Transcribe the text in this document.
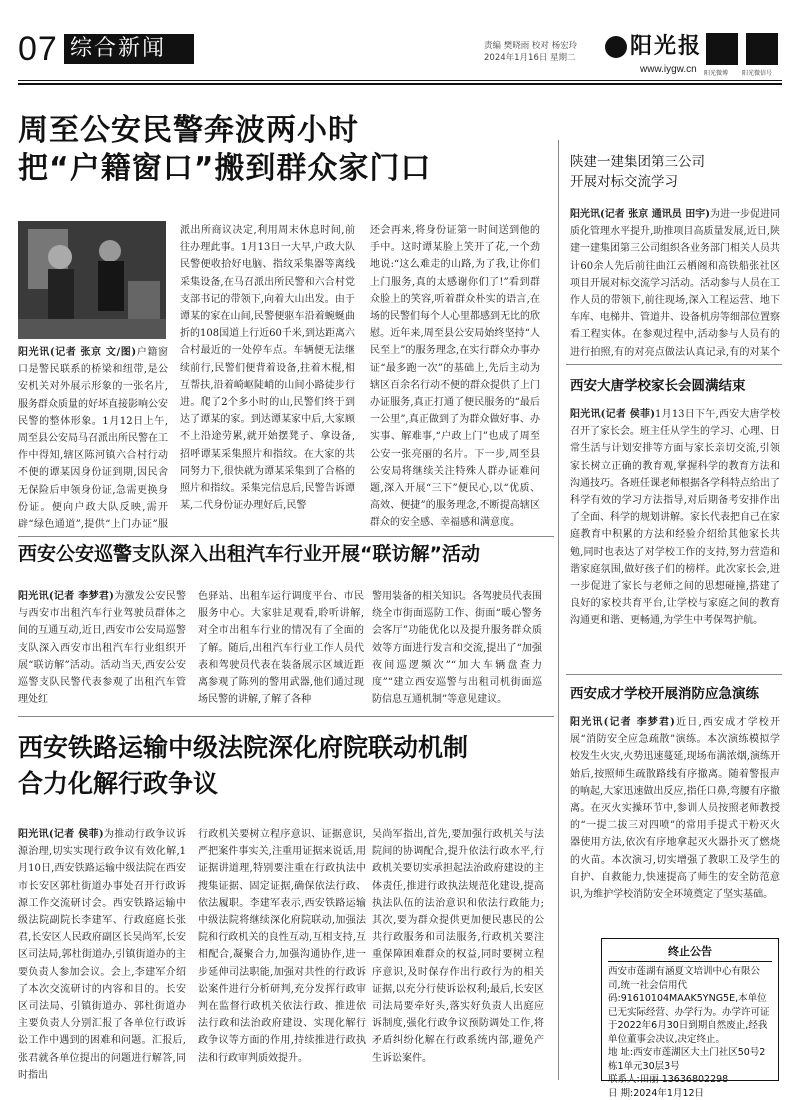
07 综合新闻	责编 樊晓雨 校对 杨宏玲
2024年1月16日 星期二 阳光报
www.iygw.cn 阳光微博 阳光微信号
周至公安民警奔波两小时
把“户籍窗口”搬到群众家门口
阳光讯(记者 张京 文/图)户籍窗口是警民联系的桥梁和纽带,是公安机关对外展示形象的一张名片,服务群众质量的好坏直接影响公安民警的整体形象。1月12日上午,周至县公安局马召派出所民警在工作中得知,辖区陈河镇六合村行动不便的谭某因身份证到期,因民舍无保险后申领身份证,急需更换身份证。便向户政大队反映,需开辟“绿色通道”,提供“上门办证”服
派出所商议决定,利用周末休息时间,前往办理此事。1月13日一大早,户政大队民警便收拾好电脑、指纹采集器等离线采集设备,在马召派出所民警和六合村党支部书记的带领下,向着大山出发。由于谭某的家在山间,民警便驱车沿着蜿蜒曲折的108国道上行近60千米,到达距离六合村最近的一处停车点。车辆便无法继续前行,民警们便背着设备,拄着木棍,相互帮扶,沿着崎岖陡峭的山间小路徒步行进。爬了2个多小时的山,民警们终于到达了谭某的家。到达谭某家中后,大家顾不上沿途劳累,就开始摆凳子、拿设备,招呼谭某采集照片和指纹。在大家的共同努力下,很快就为谭某采集到了合格的照片和指纹。采集完信息后,民警告诉谭某,二代身份证办理好后,民警
还会再来,将身份证第一时间送到他的手中。这时谭某脸上笑开了花,一个劲地说:“这么难走的山路,为了我,让你们上门服务,真的太感谢你们了!”看到群众脸上的笑容,听着群众朴实的语言,在场的民警们每个人心里都感到无比的欣慰。近年来,周至县公安局始终坚持“人民至上”的服务理念,在实行群众办事办证“最多跑一次”的基础上,先后主动为辖区百余名行动不便的群众提供了上门办证服务,真正打通了便民服务的“最后一公里”,真正做到了为群众做好事、办实事、解难事,“户政上门”也成了周至公安一张亮丽的名片。下一步,周至县公安局将继续关注特殊人群办证难问题,深入开展“三下”便民心,以“优质、高效、便捷”的服务理念,不断提高辖区群众的安全感、幸福感和满意度。
西安公安巡警支队深入出租汽车行业开展“联访解”活动
阳光讯(记者 李梦君)为激发公安民警与西安市出租汽车行业驾驶员群体之间的互通互动,近日,西安市公安局巡警支队深入西安市出租汽车行业组织开展“联访解”活动。活动当天,西安公安巡警支队民警代表参观了出租汽车管理处红
色驿站、出租车运行调度平台、市民服务中心。大家驻足观看,聆听讲解,对全市出租车行业的情况有了全面的了解。随后,出租汽车行业工作人员代表和驾驶员代表在装备展示区域近距离参观了陈列的警用武器,他们通过现场民警的讲解,了解了各种
警用装备的相关知识。各驾驶员代表围绕全市街面巡防工作、街面“暖心警务会客厅”功能优化以及提升服务群众质效等方面进行发言和交流,提出了“加强夜间巡逻频次”“加大车辆盘查力度”“建立西安巡警与出租司机街面巡防信息互通机制”等意见建议。
西安铁路运输中级法院深化府院联动机制
合力化解行政争议
阳光讯(记者 侯菲)为推动行政争议诉源治理,切实实现行政争议有效化解,1月10日,西安铁路运输中级法院在西安市长安区郭杜街道办事处召开行政诉源工作交流研讨会。西安铁路运输中级法院副院长李建军、行政庭庭长张君,长安区人民政府副区长吴尚军,长安区司法局,郭杜街道办,引镇街道办的主要负责人参加会议。会上,李建军介绍了本次交流研讨的内容和目的。长安区司法局、引镇街道办、郭杜街道办主要负责人分别汇报了各单位行政诉讼工作中遇到的困难和问题。汇报后,张君就各单位提出的问题进行解答,同时指出
行政机关要树立程序意识、证据意识,严把案件事实关,注重用证据来说话,用证据讲道理,特别要注重在行政执法中搜集证据、固定证据,确保依法行政、依法履职。李建军表示,西安铁路运输中级法院将继续深化府院联动,加强法院和行政机关的良性互动,互相支持,互相配合,凝聚合力,加强沟通协作,进一步延伸司法职能,加强对共性的行政诉讼案件进行分析研判,充分发挥行政审判在监督行政机关依法行政、推进依法行政和法治政府建设、实现化解行政争议等方面的作用,持续推进行政执法和行政审判质效提升。
吴尚军指出,首先,要加强行政机关与法院间的协调配合,提升依法行政水平,行政机关要切实承担起法治政府建设的主体责任,推进行政执法规范化建设,提高执法队伍的法治意识和依法行政能力;其次,要为群众提供更加便民惠民的公共行政服务和司法服务,行政机关要注重保障困难群众的权益,同时要树立程序意识,及时保存作出行政行为的相关证据,以充分行使诉讼权利;最后,长安区司法局要牵好头,落实好负责人出庭应诉制度,强化行政争议预防调处工作,将矛盾纠纷化解在行政系统内部,避免产生诉讼案件。
陕建一建集团第三公司
开展对标交流学习
阳光讯(记者 张京 通讯员 田宇)为进一步促进同质化管理水平提升,助推项目高质量发展,近日,陕建一建集团第三公司组织各业务部门相关人员共计60余人先后前往曲江云栖阁和高铁船张社区项目开展对标交流学习活动。活动参与人员在工作人员的带领下,前往现场,深入工程运营、地下车库、电梯井、管道井、设备机房等细部位置察看工程实体。在参观过程中,活动参与人员有的进行拍照,有的对亮点做法认真记录,有的对某个
西安大唐学校家长会圆满结束
阳光讯(记者 侯菲)1月13日下午,西安大唐学校召开了家长会。班主任从学生的学习、心理、日常生活与计划安排等方面与家长亲切交流,引领家长树立正确的教育观,掌握科学的教育方法和沟通技巧。各班任课老师根据各学科特点给出了科学有效的学习方法指导,对后期备考安排作出了全面、科学的规划讲解。家长代表把自己在家庭教育中积累的方法和经验介绍给其他家长共勉,同时也表达了对学校工作的支持,努力营造和谐家庭氛围,做好孩子们的榜样。此次家长会,进一步促进了家长与老师之间的思想碰撞,搭建了良好的家校共育平台,让学校与家庭之间的教育沟通更和谐、更畅通,为学生中考保驾护航。
西安成才学校开展消防应急演练
阳光讯(记者 李梦君)近日,西安成才学校开展“消防安全应急疏散”演练。本次演练模拟学校发生火灾,火势迅速蔓延,现场布满浓烟,演练开始后,按照师生疏散路线有序撤离。随着警报声的响起,大家迅速做出反应,指任口鼻,弯腰有序撤离。在灭火实操环节中,参训人员按照老师教授的“一提二拔三对四喷”的常用手提式干粉灭火器使用方法,依次有序地拿起灭火器扑灭了燃烧的火苗。本次演习,切实增强了教职工及学生的自护、自救能力,快速提高了师生的安全防范意识,为维护学校消防安全环境奠定了坚实基础。
终止公告
西安市莲湖有涵夏文培训中心有限公司,统一社会信用代码:91610104MAAK5YNG5E,本单位已无实际经营、办学行为。办学许可证于2022年6月30日到期自然废止,经我单位董事会决议,决定终止。
地 址:西安市莲湖区大土门社区50号2栋1单元30层3号
联系人:田丽 13636802298
日 期:2024年1月12日
